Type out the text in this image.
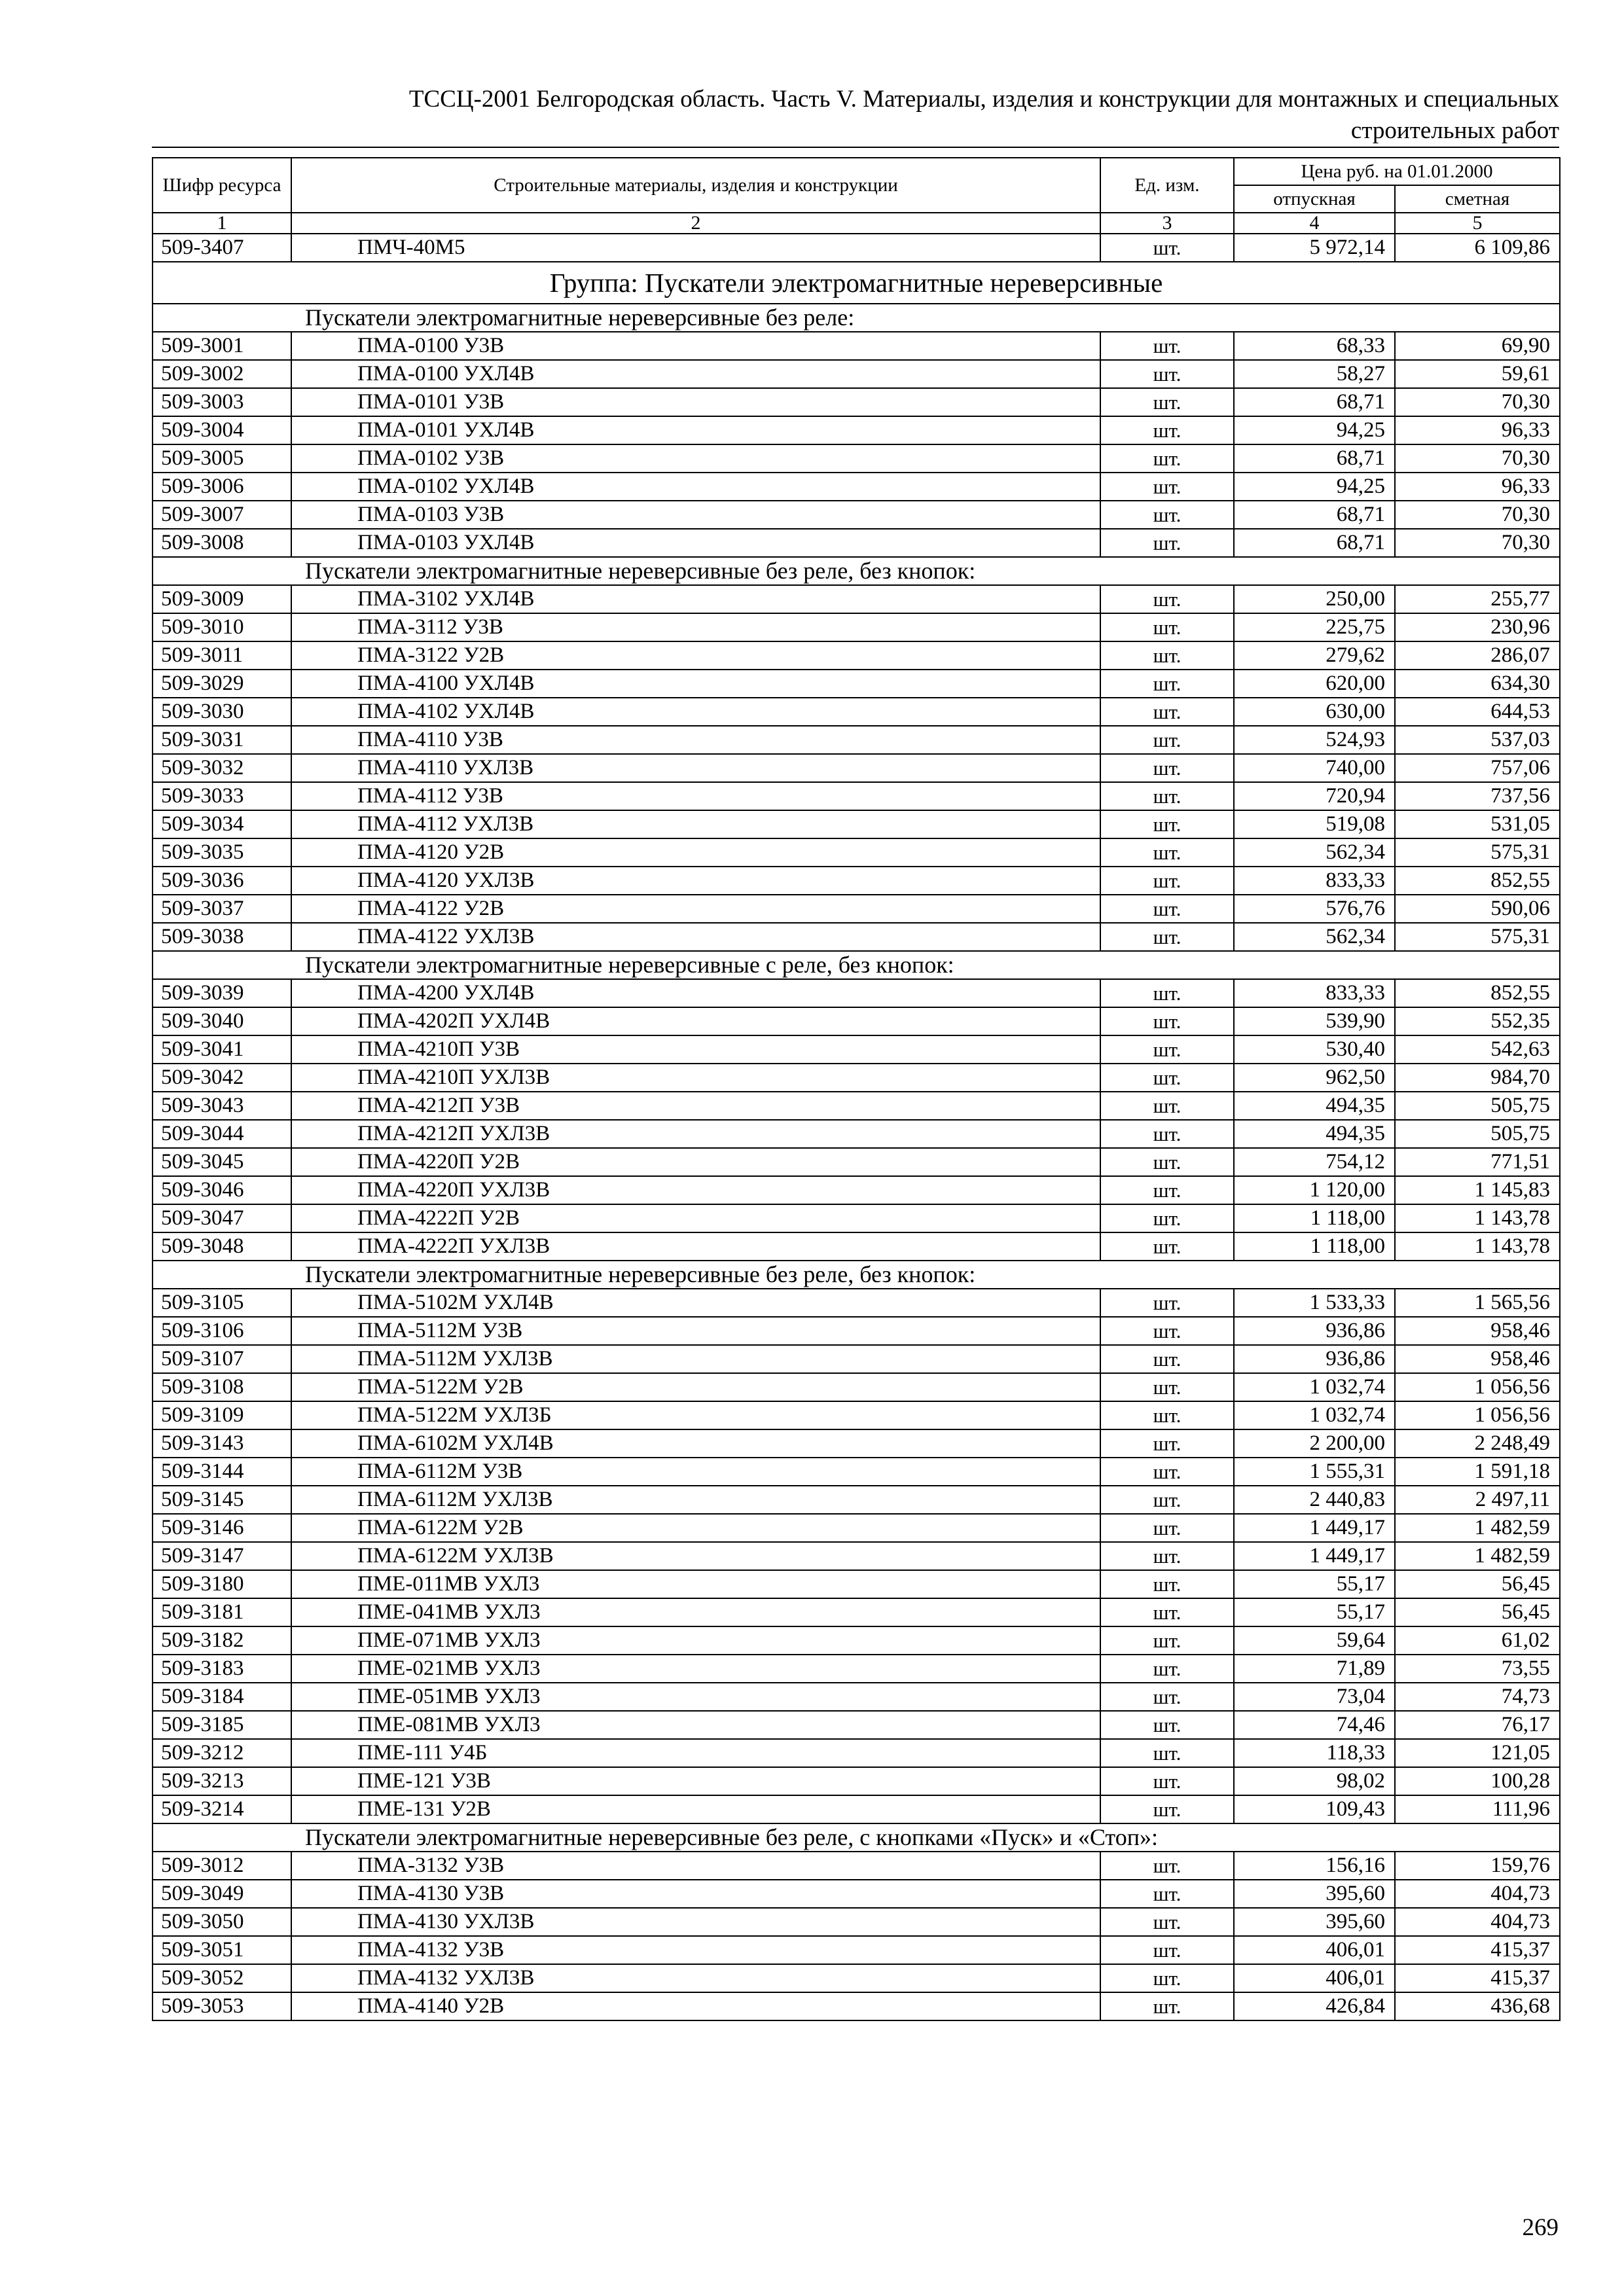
ТССЦ-2001 Белгородская область. Часть V. Материалы, изделия и конструкции для монтажных и специальных
строительных работ
Шифр ресурса	Строительные материалы, изделия и конструкции	Ед. изм.	Цена руб. на 01.01.2000	
			отпускная	сметная
1	2	3	4	5
509-3407	ПМЧ-40М5	шт.	5 972,14	6 109,86
Группа: Пускатели электромагнитные нереверсивные				
Пускатели электромагнитные нереверсивные без реле:				
509-3001	ПМА-0100 У3В	шт.	68,33	69,90
509-3002	ПМА-0100 УХЛ4В	шт.	58,27	59,61
509-3003	ПМА-0101 У3В	шт.	68,71	70,30
509-3004	ПМА-0101 УХЛ4В	шт.	94,25	96,33
509-3005	ПМА-0102 У3В	шт.	68,71	70,30
509-3006	ПМА-0102 УХЛ4В	шт.	94,25	96,33
509-3007	ПМА-0103 У3В	шт.	68,71	70,30
509-3008	ПМА-0103 УХЛ4В	шт.	68,71	70,30
Пускатели электромагнитные нереверсивные без реле, без кнопок:				
509-3009	ПМА-3102 УХЛ4В	шт.	250,00	255,77
509-3010	ПМА-3112 У3В	шт.	225,75	230,96
509-3011	ПМА-3122 У2В	шт.	279,62	286,07
509-3029	ПМА-4100 УХЛ4В	шт.	620,00	634,30
509-3030	ПМА-4102 УХЛ4В	шт.	630,00	644,53
509-3031	ПМА-4110 У3В	шт.	524,93	537,03
509-3032	ПМА-4110 УХЛ3В	шт.	740,00	757,06
509-3033	ПМА-4112 У3В	шт.	720,94	737,56
509-3034	ПМА-4112 УХЛ3В	шт.	519,08	531,05
509-3035	ПМА-4120 У2В	шт.	562,34	575,31
509-3036	ПМА-4120 УХЛ3В	шт.	833,33	852,55
509-3037	ПМА-4122 У2В	шт.	576,76	590,06
509-3038	ПМА-4122 УХЛ3В	шт.	562,34	575,31
Пускатели электромагнитные нереверсивные с реле, без кнопок:				
509-3039	ПМА-4200 УХЛ4В	шт.	833,33	852,55
509-3040	ПМА-4202П УХЛ4В	шт.	539,90	552,35
509-3041	ПМА-4210П У3В	шт.	530,40	542,63
509-3042	ПМА-4210П УХЛ3В	шт.	962,50	984,70
509-3043	ПМА-4212П У3В	шт.	494,35	505,75
509-3044	ПМА-4212П УХЛ3В	шт.	494,35	505,75
509-3045	ПМА-4220П У2В	шт.	754,12	771,51
509-3046	ПМА-4220П УХЛ3В	шт.	1 120,00	1 145,83
509-3047	ПМА-4222П У2В	шт.	1 118,00	1 143,78
509-3048	ПМА-4222П УХЛ3В	шт.	1 118,00	1 143,78
Пускатели электромагнитные нереверсивные без реле, без кнопок:				
509-3105	ПМА-5102М УХЛ4В	шт.	1 533,33	1 565,56
509-3106	ПМА-5112М У3В	шт.	936,86	958,46
509-3107	ПМА-5112М УХЛ3В	шт.	936,86	958,46
509-3108	ПМА-5122М У2В	шт.	1 032,74	1 056,56
509-3109	ПМА-5122М УХЛ3Б	шт.	1 032,74	1 056,56
509-3143	ПМА-6102М УХЛ4В	шт.	2 200,00	2 248,49
509-3144	ПМА-6112М У3В	шт.	1 555,31	1 591,18
509-3145	ПМА-6112М УХЛ3В	шт.	2 440,83	2 497,11
509-3146	ПМА-6122М У2В	шт.	1 449,17	1 482,59
509-3147	ПМА-6122М УХЛ3В	шт.	1 449,17	1 482,59
509-3180	ПМЕ-011МВ УХЛ3	шт.	55,17	56,45
509-3181	ПМЕ-041МВ УХЛ3	шт.	55,17	56,45
509-3182	ПМЕ-071МВ УХЛ3	шт.	59,64	61,02
509-3183	ПМЕ-021МВ УХЛ3	шт.	71,89	73,55
509-3184	ПМЕ-051МВ УХЛ3	шт.	73,04	74,73
509-3185	ПМЕ-081МВ УХЛ3	шт.	74,46	76,17
509-3212	ПМЕ-111 У4Б	шт.	118,33	121,05
509-3213	ПМЕ-121 У3В	шт.	98,02	100,28
509-3214	ПМЕ-131 У2В	шт.	109,43	111,96
Пускатели электромагнитные нереверсивные без реле, с кнопками «Пуск» и «Стоп»:				
509-3012	ПМА-3132 У3В	шт.	156,16	159,76
509-3049	ПМА-4130 У3В	шт.	395,60	404,73
509-3050	ПМА-4130 УХЛ3В	шт.	395,60	404,73
509-3051	ПМА-4132 У3В	шт.	406,01	415,37
509-3052	ПМА-4132 УХЛ3В	шт.	406,01	415,37
509-3053	ПМА-4140 У2В	шт.	426,84	436,68
269
